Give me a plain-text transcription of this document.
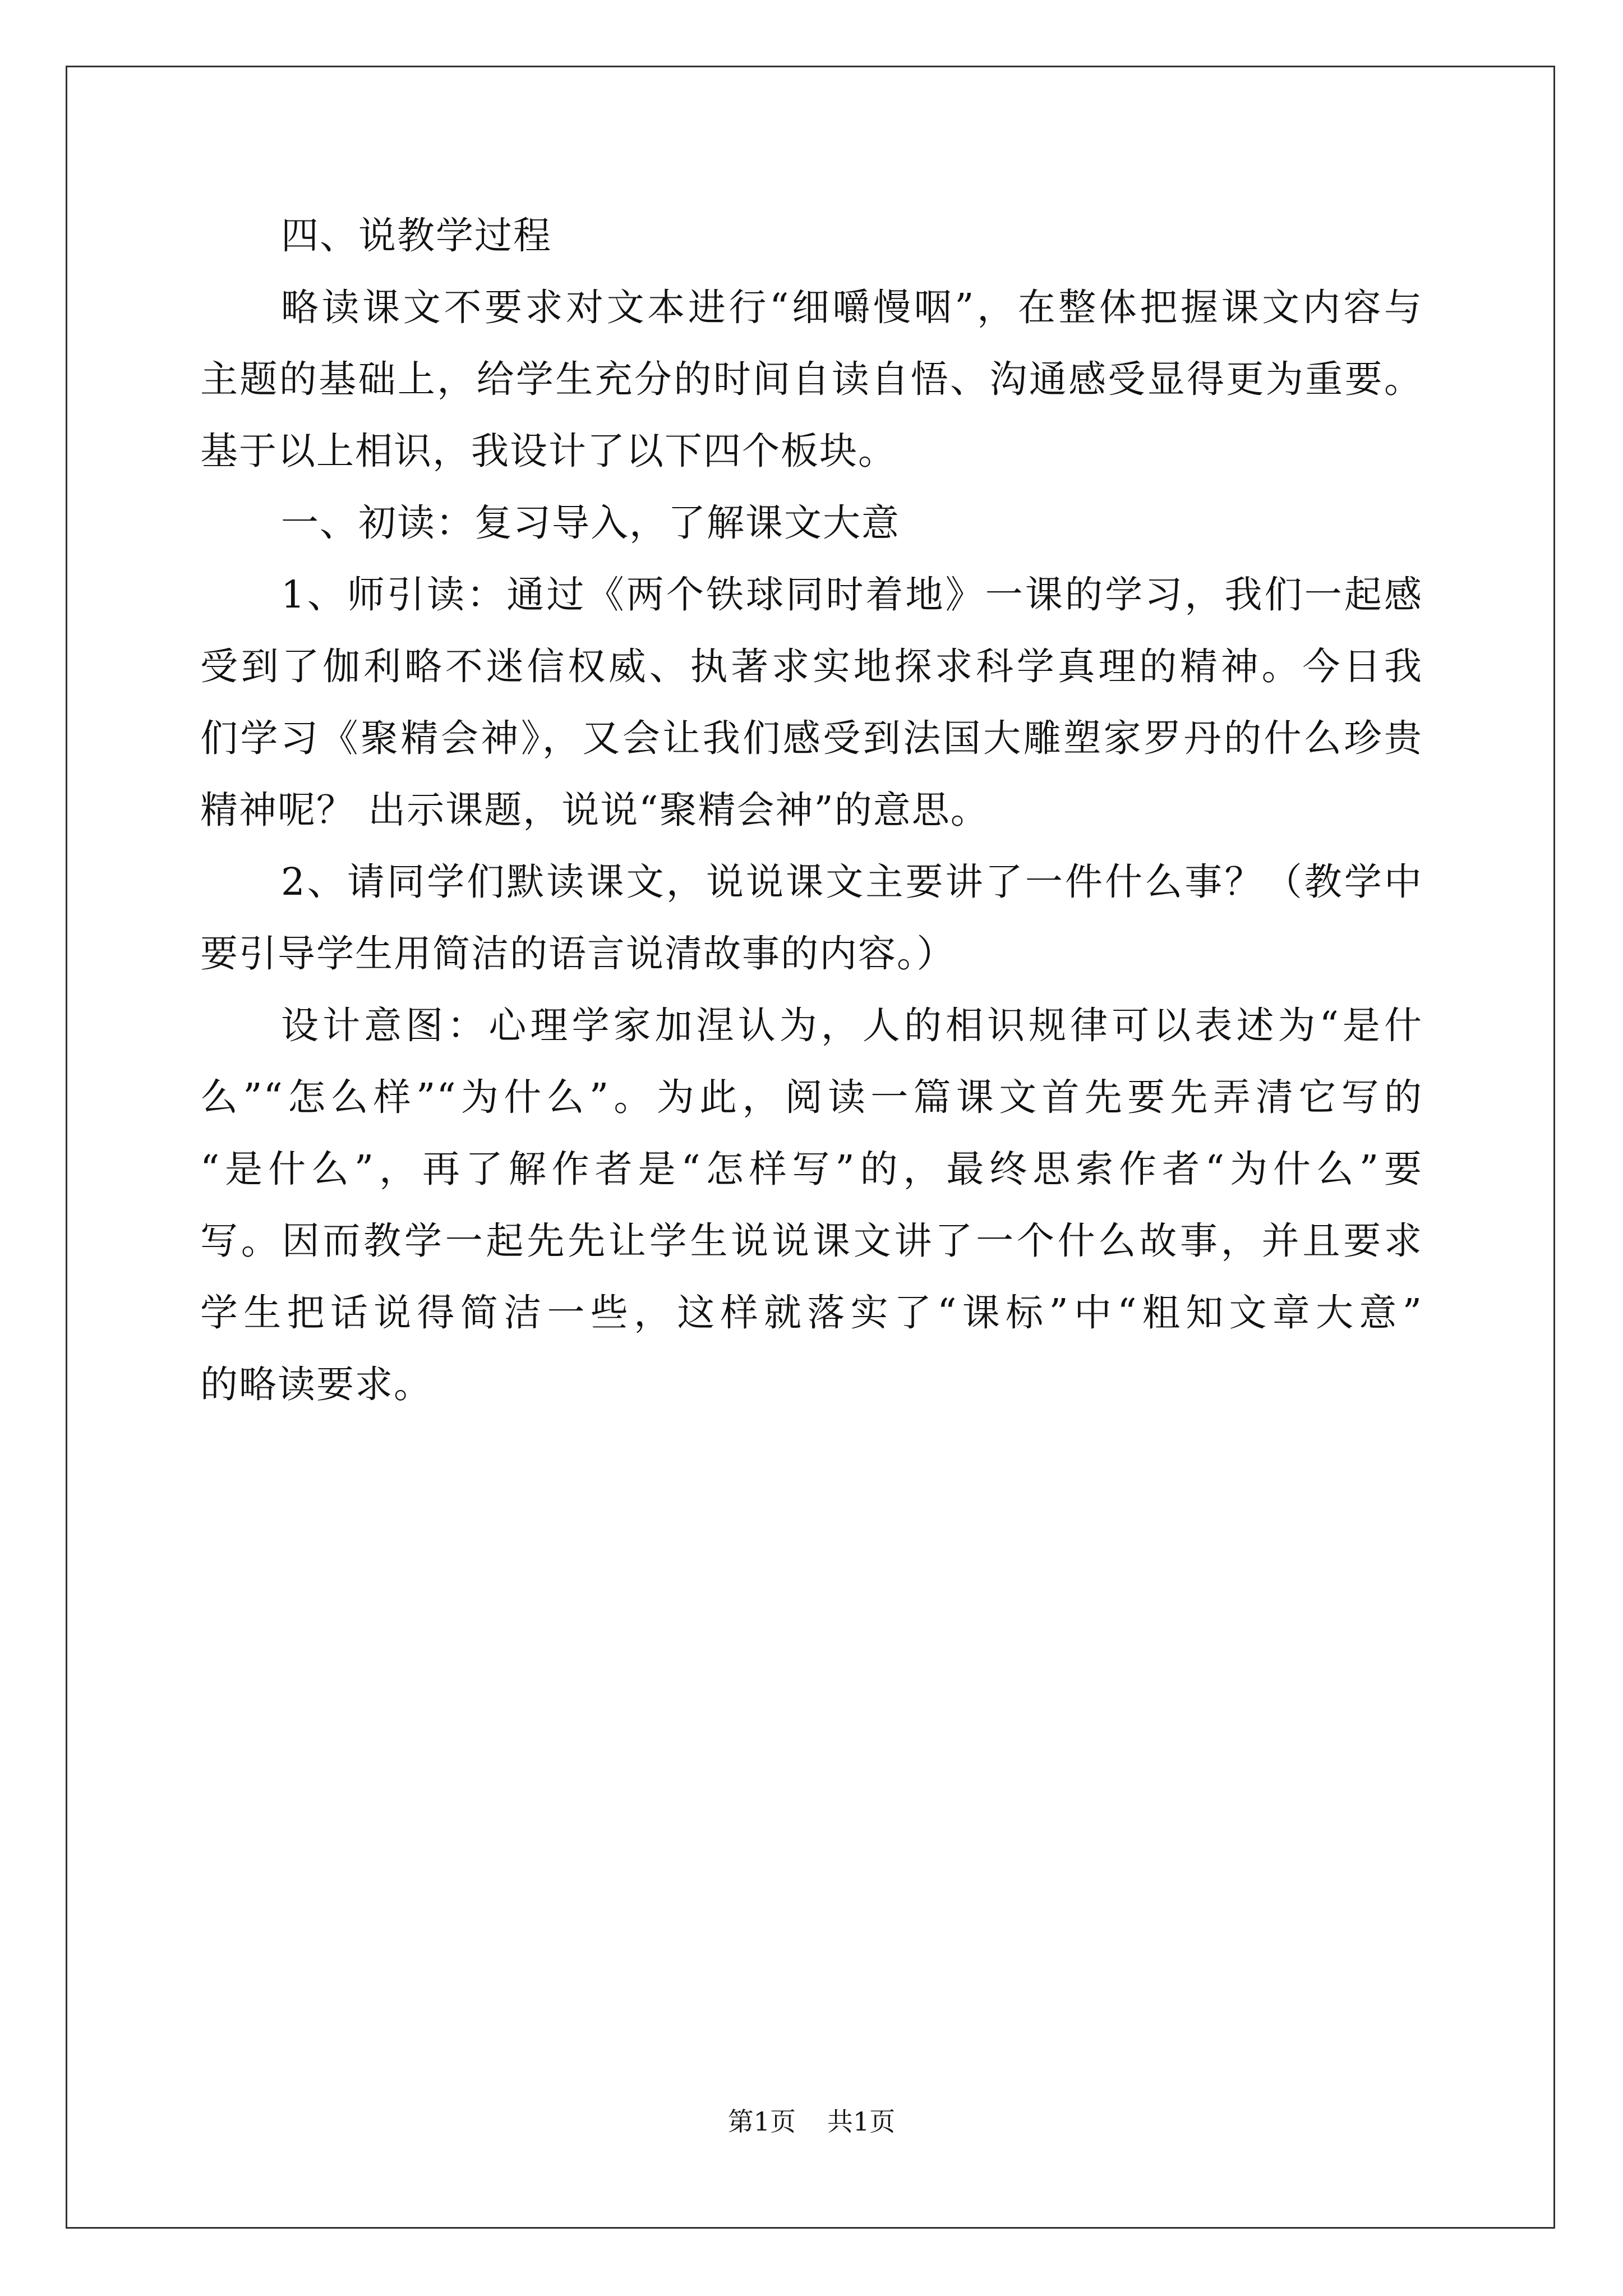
四、说教学过程
略读课文不要求对文本进行“细嚼慢咽”，在整体把握课文内容与
主题的基础上，给学生充分的时间自读自悟、沟通感受显得更为重要。
基于以上相识，我设计了以下四个板块。
一、初读：复习导入，了解课文大意
1、师引读：通过《两个铁球同时着地》一课的学习，我们一起感
受到了伽利略不迷信权威、执著求实地探求科学真理的精神。今日我
们学习《聚精会神》，又会让我们感受到法国大雕塑家罗丹的什么珍贵
精神呢？ 出示课题，说说“聚精会神”的意思。
2、请同学们默读课文，说说课文主要讲了一件什么事？（教学中
要引导学生用简洁的语言说清故事的内容。）
设计意图：心理学家加涅认为，人的相识规律可以表述为“是什
么”“怎么样”“为什么”。为此，阅读一篇课文首先要先弄清它写的
“是什么”，再了解作者是“怎样写”的，最终思索作者“为什么”要
写。因而教学一起先先让学生说说课文讲了一个什么故事，并且要求
学生把话说得简洁一些，这样就落实了“课标”中“粗知文章大意”
的略读要求。
第1页 共1页
